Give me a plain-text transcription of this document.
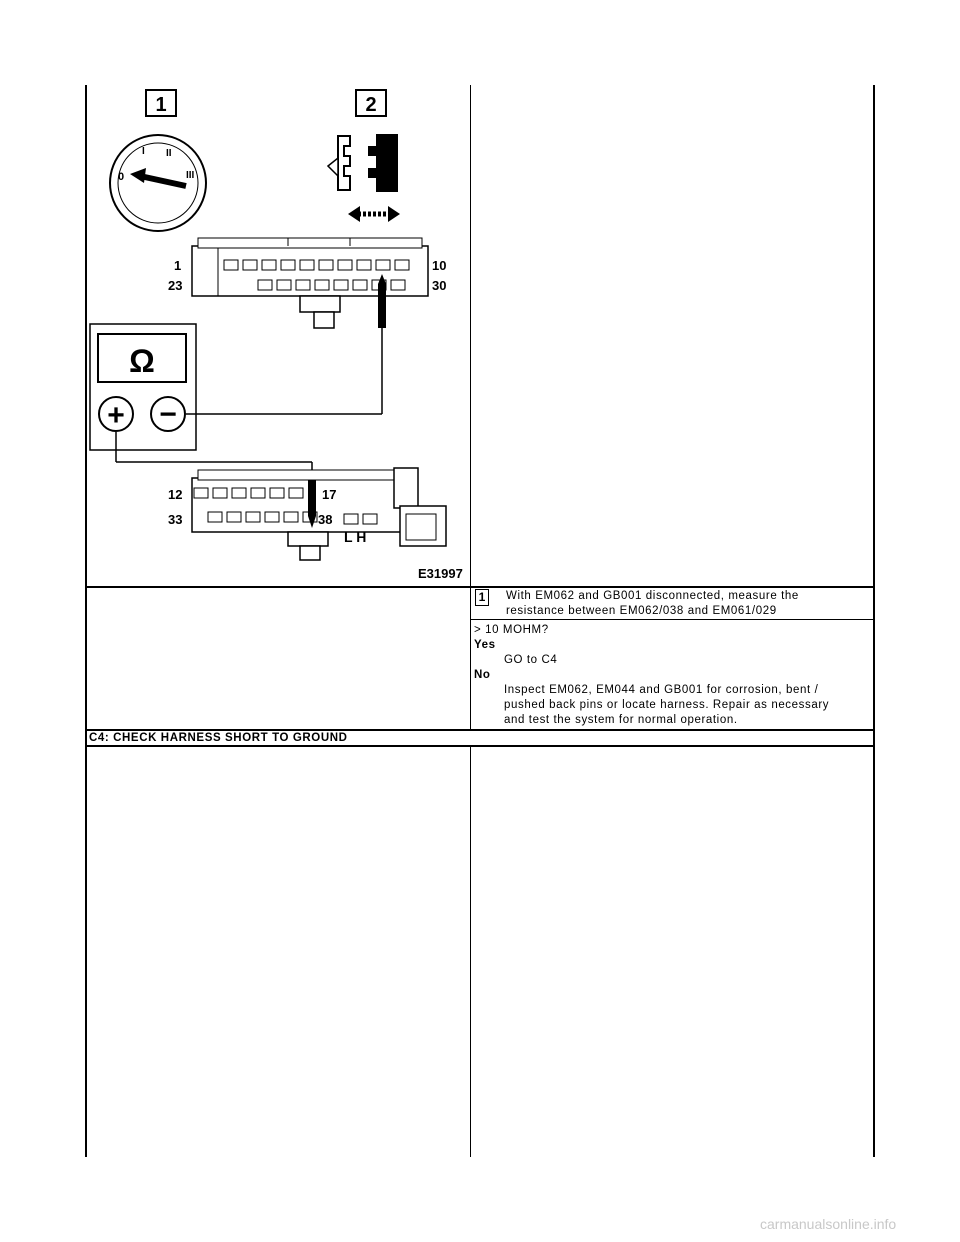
1	2
0
I II
III
1	10
23	30
Ω
+ −
12	17
33	38
L H
E31997
1	With EM062 and GB001 disconnected, measure the
resistance between EM062/038 and EM061/029
> 10 MOHM?
Yes
GO to C4
No
Inspect EM062, EM044 and GB001 for corrosion, bent /
pushed back pins or locate harness. Repair as necessary
and test the system for normal operation.
C4: CHECK HARNESS SHORT TO GROUND
carmanualsonline.info
